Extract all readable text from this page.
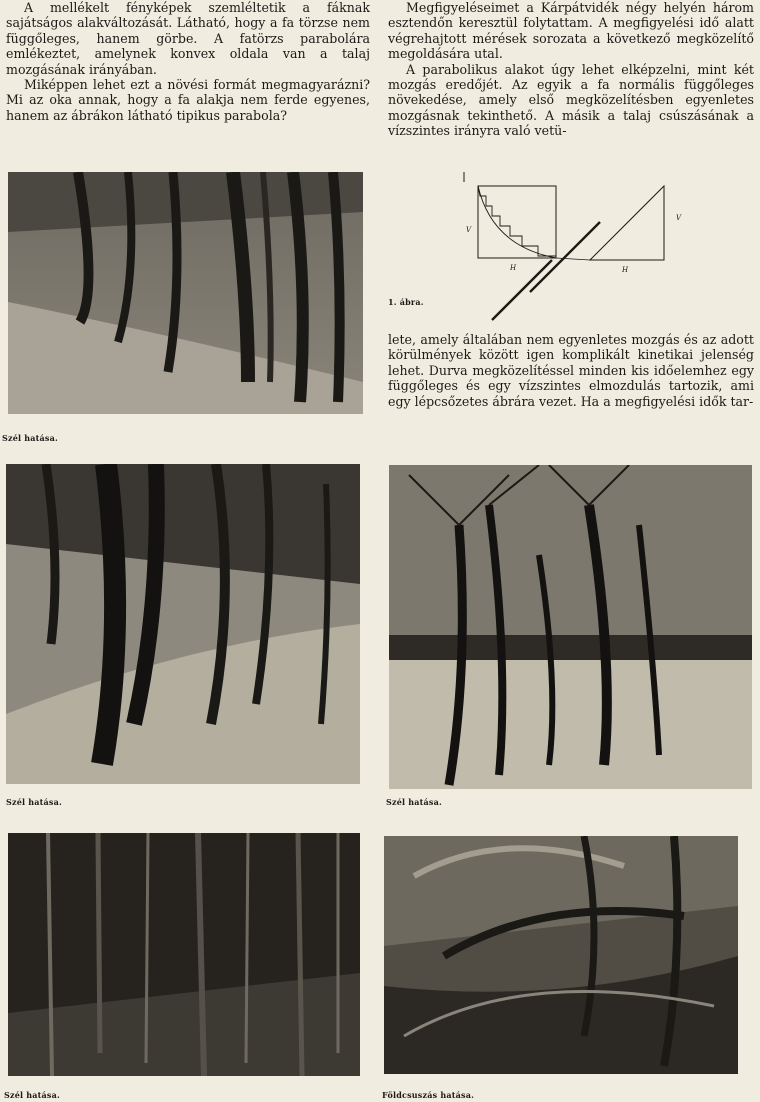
A mellékelt fényképek szemléltetik a fáknak sajátságos alakváltozását. Látható, hogy a fa törzse nem függőleges, hanem görbe. A fatörzs parabolára emlékeztet, amelynek konvex oldala van a talaj mozgásának irányában.

Miképpen lehet ezt a növési formát megmagyarázni? Mi az oka annak, hogy a fa alakja nem ferde egyenes, hanem az ábrákon látható tipikus parabola?

Megfigyeléseimet a Kárpátvidék négy helyén három esztendőn keresztül folytattam. A megfigyelési idő alatt végrehajtott mérések sorozata a következő megközelítő megoldására utal.

A parabolikus alakot úgy lehet elképzelni, mint két mozgás eredőjét. Az egyik a fa normális függőleges növekedése, amely első megközelítésben egyenletes mozgásnak tekinthető. A másik a talaj csúszásának a vízszintes irányra való vetü-

V
H
V
H
1. ábra.

lete, amely általában nem egyenletes mozgás és az adott körülmények között igen komplikált kinetikai jelenség lehet. Durva megközelítéssel minden kis időelemhez egy függőleges és egy vízszintes elmozdulás tartozik, ami egy lépcsőzetes ábrára vezet. Ha a megfigyelési idők tar-

Szél hatása.
Szél hatása.	Szél hatása.
Szél hatása.	Földcsuszás hatása.
